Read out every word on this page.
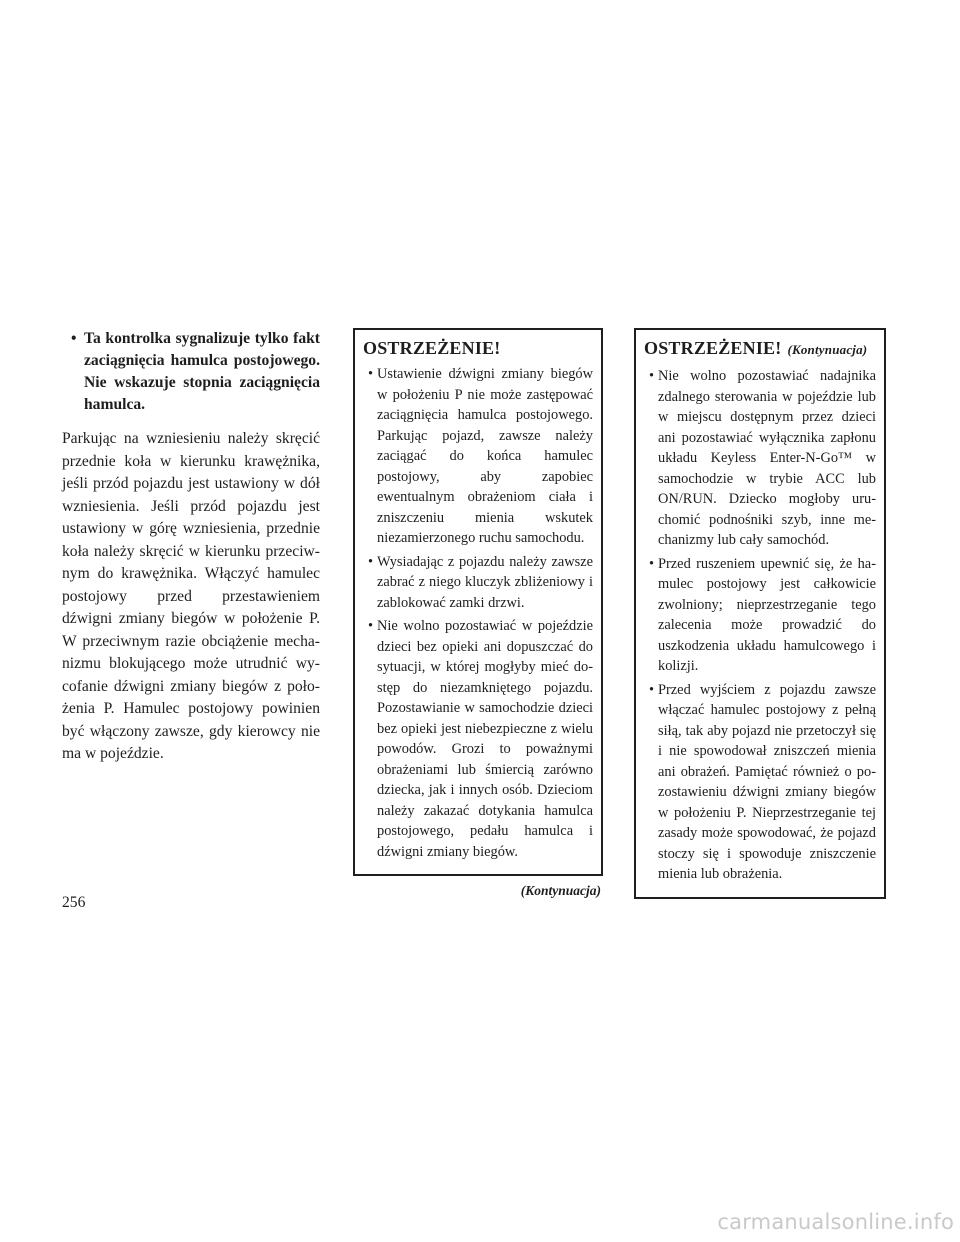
• Ta kontrolka sygnalizuje tylko fakt zaciągnięcia hamulca postojowego. Nie wskazuje stopnia zaciągnięcia hamulca.

Parkując na wzniesieniu należy skręcić przednie koła w kierunku krawężnika, jeśli przód pojazdu jest ustawiony w dół wzniesienia. Jeśli przód pojazdu jest ustawiony w górę wzniesienia, przednie koła należy skręcić w kierunku przeciwnym do krawężnika. Włączyć hamulec postojowy przed przestawieniem dźwigni zmiany biegów w położenie P. W przeciwnym razie obciążenie mechanizmu blokującego może utrudnić wycofanie dźwigni zmiany biegów z położenia P. Hamulec postojowy powinien być włączony zawsze, gdy kierowcy nie ma w pojeździe.

OSTRZEŻENIE!
• Ustawienie dźwigni zmiany biegów w położeniu P nie może zastępować zaciągnięcia hamulca postojowego. Parkując pojazd, zawsze należy zaciągać do końca hamulec postojowy, aby zapobiec ewentualnym obrażeniom ciała i zniszczeniu mienia wskutek niezamierzonego ruchu samochodu.
• Wysiadając z pojazdu należy zawsze zabrać z niego kluczyk zbliżeniowy i zablokować zamki drzwi.
• Nie wolno pozostawiać w pojeździe dzieci bez opieki ani dopuszczać do sytuacji, w której mogłyby mieć dostęp do niezamkniętego pojazdu. Pozostawianie w samochodzie dzieci bez opieki jest niebezpieczne z wielu powodów. Grozi to poważnymi obrażeniami lub śmiercią zarówno dziecka, jak i innych osób. Dzieciom należy zakazać dotykania hamulca postojowego, pedału hamulca i dźwigni zmiany biegów.
(Kontynuacja)
OSTRZEŻENIE! (Kontynuacja)
• Nie wolno pozostawiać nadajnika zdalnego sterowania w pojeździe lub w miejscu dostępnym przez dzieci ani pozostawiać wyłącznika zapłonu układu Keyless Enter-N-Go™ w samochodzie w trybie ACC lub ON/RUN. Dziecko mogłoby uruchomić podnośniki szyb, inne mechanizmy lub cały samochód.
• Przed ruszeniem upewnić się, że hamulec postojowy jest całkowicie zwolniony; nieprzestrzeganie tego zalecenia może prowadzić do uszkodzenia układu hamulcowego i kolizji.
• Przed wyjściem z pojazdu zawsze włączać hamulec postojowy z pełną siłą, tak aby pojazd nie przetoczył się i nie spowodował zniszczeń mienia ani obrażeń. Pamiętać również o pozostawieniu dźwigni zmiany biegów w położeniu P. Nieprzestrzeganie tej zasady może spowodować, że pojazd stoczy się i spowoduje zniszczenie mienia lub obrażenia.
256
carmanualsonline.info
